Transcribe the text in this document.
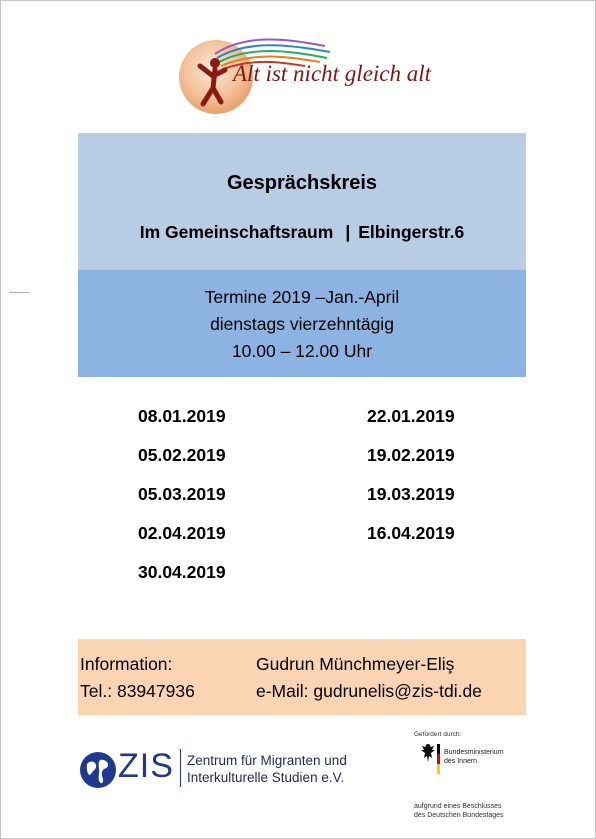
Alt ist nicht gleich alt
Gesprächskreis
Im Gemeinschaftsraum | Elbingerstr.6
Termine 2019 –Jan.-April
dienstags vierzehntägig
10.00 – 12.00 Uhr
08.01.2019
05.02.2019
05.03.2019
02.04.2019
30.04.2019
22.01.2019
19.02.2019
19.03.2019
16.04.2019
Information:
Tel.: 83947936
Gudrun Münchmeyer-Eliş
e-Mail: gudrunelis@zis-tdi.de
ZIS Zentrum für Migranten und
Interkulturelle Studien e.V.
Gefördert durch:
Bundesministerium
des Innern
aufgrund eines Beschlusses
des Deutschen Bundestages
